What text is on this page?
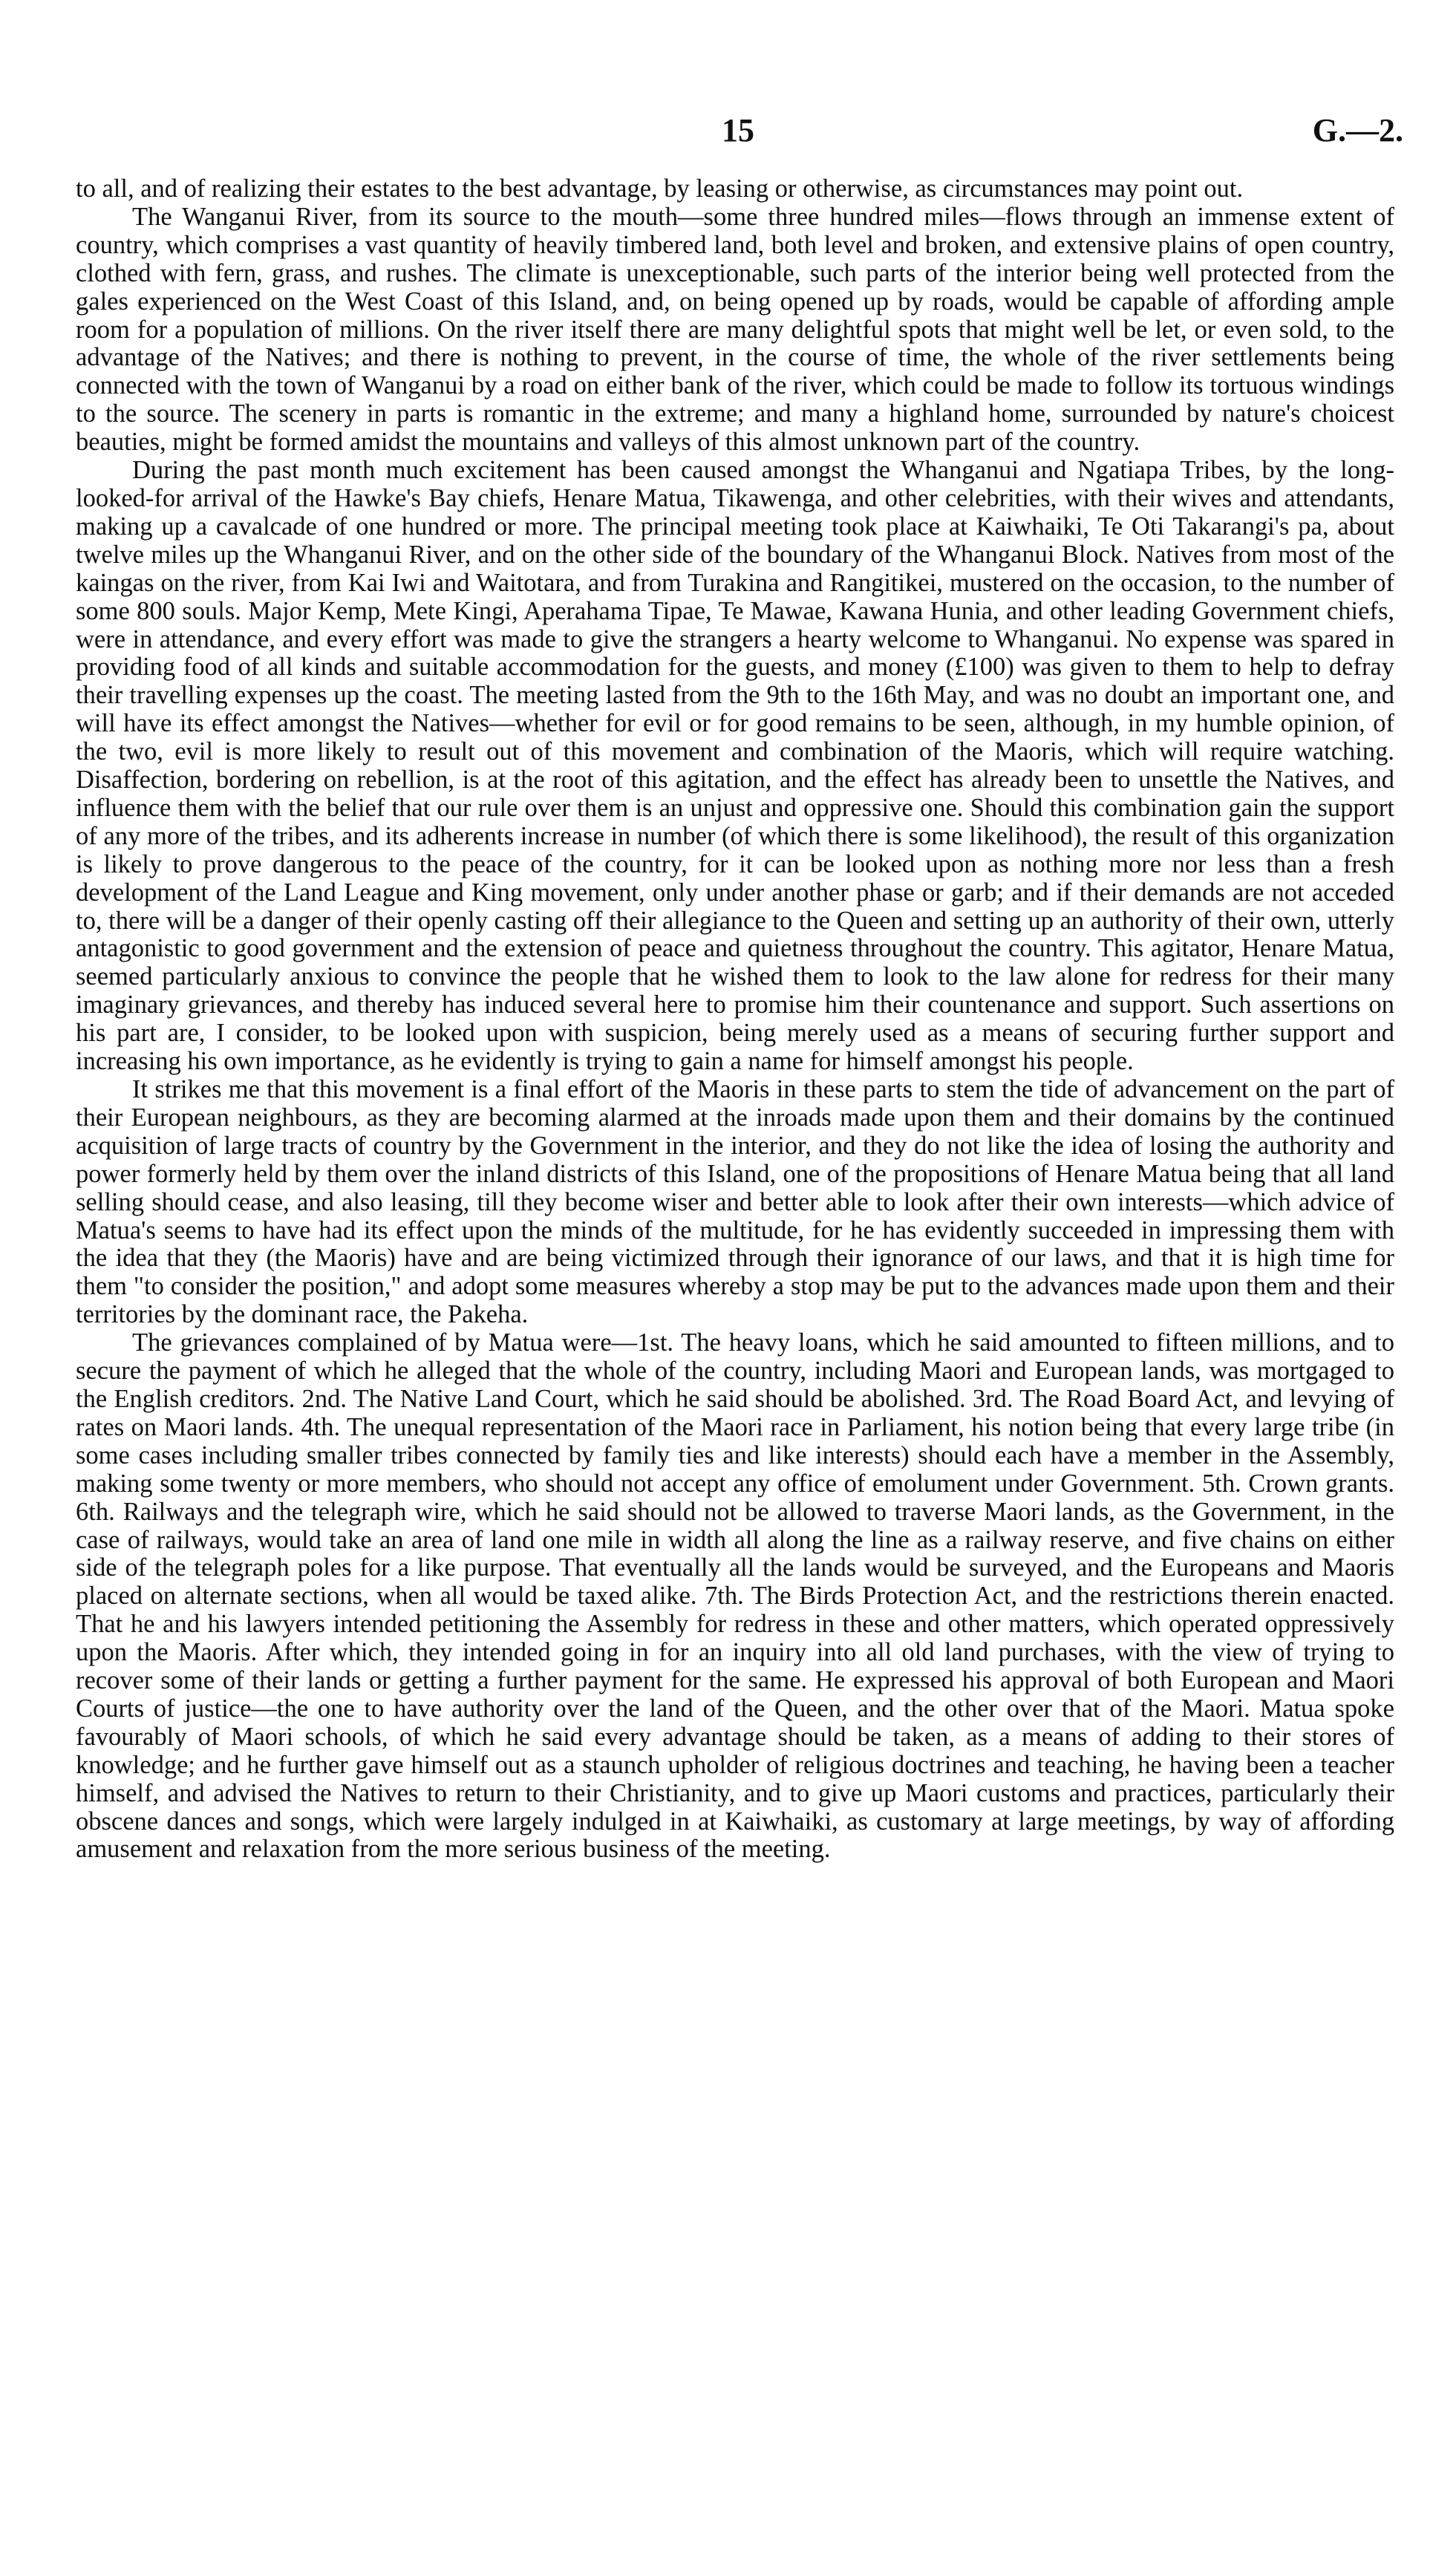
15	G.—2.

to all, and of realizing their estates to the best advantage, by leasing or otherwise, as circumstances may point out.

The Wanganui River, from its source to the mouth—some three hundred miles—flows through an immense extent of country, which comprises a vast quantity of heavily timbered land, both level and broken, and extensive plains of open country, clothed with fern, grass, and rushes. The climate is unexceptionable, such parts of the interior being well protected from the gales experienced on the West Coast of this Island, and, on being opened up by roads, would be capable of affording ample room for a population of millions. On the river itself there are many delightful spots that might well be let, or even sold, to the advantage of the Natives; and there is nothing to prevent, in the course of time, the whole of the river settlements being connected with the town of Wanganui by a road on either bank of the river, which could be made to follow its tortuous windings to the source. The scenery in parts is romantic in the extreme; and many a highland home, surrounded by nature's choicest beauties, might be formed amidst the mountains and valleys of this almost unknown part of the country.

During the past month much excitement has been caused amongst the Whanganui and Ngatiapa Tribes, by the long-looked-for arrival of the Hawke's Bay chiefs, Henare Matua, Tikawenga, and other celebrities, with their wives and attendants, making up a cavalcade of one hundred or more. The principal meeting took place at Kaiwhaiki, Te Oti Takarangi's pa, about twelve miles up the Whanganui River, and on the other side of the boundary of the Whanganui Block. Natives from most of the kaingas on the river, from Kai Iwi and Waitotara, and from Turakina and Rangitikei, mustered on the occasion, to the number of some 800 souls. Major Kemp, Mete Kingi, Aperahama Tipae, Te Mawae, Kawana Hunia, and other leading Government chiefs, were in attendance, and every effort was made to give the strangers a hearty welcome to Whanganui. No expense was spared in providing food of all kinds and suitable accommodation for the guests, and money (£100) was given to them to help to defray their travelling expenses up the coast. The meeting lasted from the 9th to the 16th May, and was no doubt an important one, and will have its effect amongst the Natives—whether for evil or for good remains to be seen, although, in my humble opinion, of the two, evil is more likely to result out of this movement and combination of the Maoris, which will require watching. Disaffection, bordering on rebellion, is at the root of this agitation, and the effect has already been to unsettle the Natives, and influence them with the belief that our rule over them is an unjust and oppressive one. Should this combination gain the support of any more of the tribes, and its adherents increase in number (of which there is some likelihood), the result of this organization is likely to prove dangerous to the peace of the country, for it can be looked upon as nothing more nor less than a fresh development of the Land League and King movement, only under another phase or garb; and if their demands are not acceded to, there will be a danger of their openly casting off their allegiance to the Queen and setting up an authority of their own, utterly antagonistic to good government and the extension of peace and quietness throughout the country. This agitator, Henare Matua, seemed particularly anxious to convince the people that he wished them to look to the law alone for redress for their many imaginary grievances, and thereby has induced several here to promise him their countenance and support. Such assertions on his part are, I consider, to be looked upon with suspicion, being merely used as a means of securing further support and increasing his own importance, as he evidently is trying to gain a name for himself amongst his people.

It strikes me that this movement is a final effort of the Maoris in these parts to stem the tide of advancement on the part of their European neighbours, as they are becoming alarmed at the inroads made upon them and their domains by the continued acquisition of large tracts of country by the Government in the interior, and they do not like the idea of losing the authority and power formerly held by them over the inland districts of this Island, one of the propositions of Henare Matua being that all land selling should cease, and also leasing, till they become wiser and better able to look after their own interests—which advice of Matua's seems to have had its effect upon the minds of the multitude, for he has evidently succeeded in impressing them with the idea that they (the Maoris) have and are being victimized through their ignorance of our laws, and that it is high time for them "to consider the position," and adopt some measures whereby a stop may be put to the advances made upon them and their territories by the dominant race, the Pakeha.

The grievances complained of by Matua were—1st. The heavy loans, which he said amounted to fifteen millions, and to secure the payment of which he alleged that the whole of the country, including Maori and European lands, was mortgaged to the English creditors. 2nd. The Native Land Court, which he said should be abolished. 3rd. The Road Board Act, and levying of rates on Maori lands. 4th. The unequal representation of the Maori race in Parliament, his notion being that every large tribe (in some cases including smaller tribes connected by family ties and like interests) should each have a member in the Assembly, making some twenty or more members, who should not accept any office of emolument under Government. 5th. Crown grants. 6th. Railways and the telegraph wire, which he said should not be allowed to traverse Maori lands, as the Government, in the case of railways, would take an area of land one mile in width all along the line as a railway reserve, and five chains on either side of the telegraph poles for a like purpose. That eventually all the lands would be surveyed, and the Europeans and Maoris placed on alternate sections, when all would be taxed alike. 7th. The Birds Protection Act, and the restrictions therein enacted. That he and his lawyers intended petitioning the Assembly for redress in these and other matters, which operated oppressively upon the Maoris. After which, they intended going in for an inquiry into all old land purchases, with the view of trying to recover some of their lands or getting a further payment for the same. He expressed his approval of both European and Maori Courts of justice—the one to have authority over the land of the Queen, and the other over that of the Maori. Matua spoke favourably of Maori schools, of which he said every advantage should be taken, as a means of adding to their stores of knowledge; and he further gave himself out as a staunch upholder of religious doctrines and teaching, he having been a teacher himself, and advised the Natives to return to their Christianity, and to give up Maori customs and practices, particularly their obscene dances and songs, which were largely indulged in at Kaiwhaiki, as customary at large meetings, by way of affording amusement and relaxation from the more serious business of the meeting.
